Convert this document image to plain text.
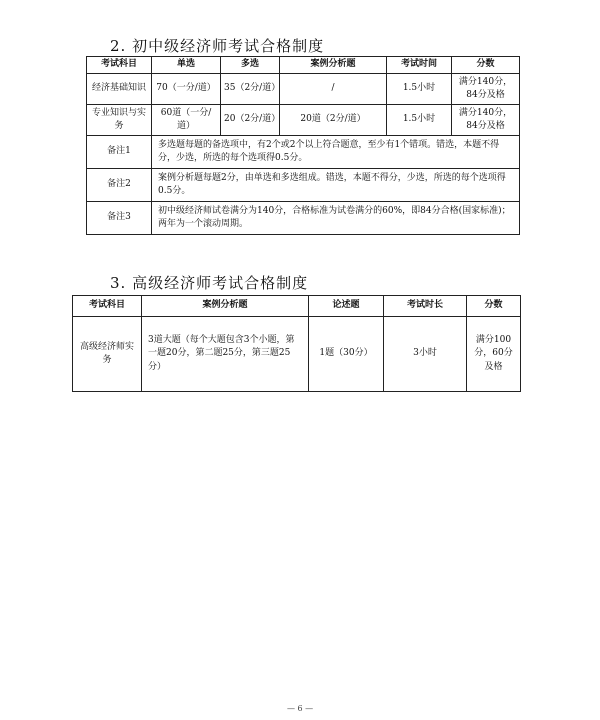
2. 初中级经济师考试合格制度
考试科目	单选	多选	案例分析题	考试时间	分数
经济基础知识	70（一分/道）	35（2分/道）	/	1.5小时	满分140分，84分及格
专业知识与实务	60道（一分/道）	20（2分/道）	20道（2分/道）	1.5小时	满分140分，84分及格
备注1	多选题每题的备选项中，有2个或2个以上符合题意，至少有1个错项。错选，本题不得分，少选，所选的每个选项得0.5分。				
备注2	案例分析题每题2分，由单选和多选组成。错选，本题不得分，少选，所选的每个选项得0.5分。				
备注3	初中级经济师试卷满分为140分，合格标准为试卷满分的60%，即84分合格(国家标准)；两年为一个滚动周期。				
3. 高级经济师考试合格制度
考试科目	案例分析题	论述题	考试时长	分数
高级经济师实务	3道大题（每个大题包含3个小题，第一题20分，第二题25分，第三题25分）	1题（30分）	3小时	满分100分，60分及格
— 6 —
